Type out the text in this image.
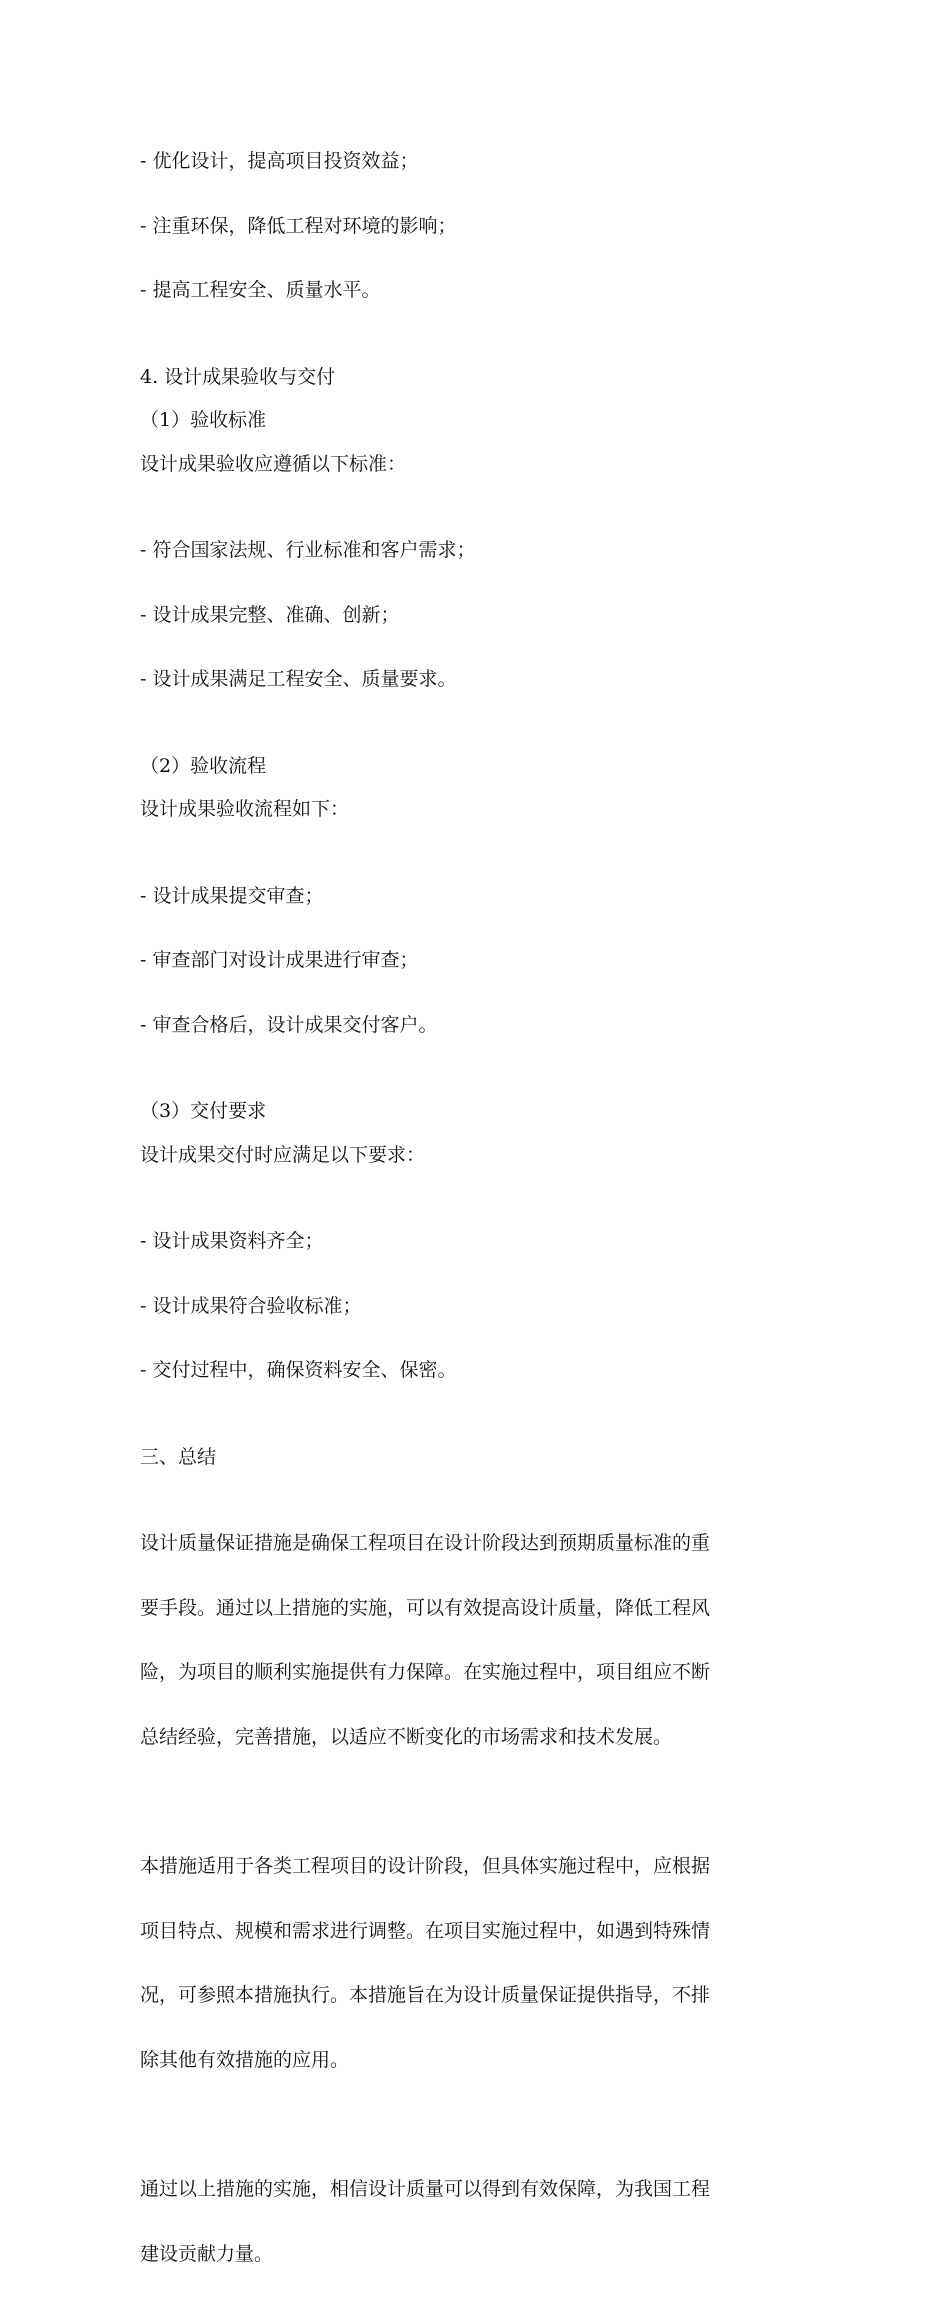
- 优化设计，提高项目投资效益；

- 注重环保，降低工程对环境的影响；

- 提高工程安全、质量水平。

4. 设计成果验收与交付
（1）验收标准
设计成果验收应遵循以下标准：

- 符合国家法规、行业标准和客户需求；

- 设计成果完整、准确、创新；

- 设计成果满足工程安全、质量要求。

（2）验收流程
设计成果验收流程如下：

- 设计成果提交审查；

- 审查部门对设计成果进行审查；

- 审查合格后，设计成果交付客户。

（3）交付要求
设计成果交付时应满足以下要求：

- 设计成果资料齐全；

- 设计成果符合验收标准；

- 交付过程中，确保资料安全、保密。

三、总结

设计质量保证措施是确保工程项目在设计阶段达到预期质量标准的重

要手段。通过以上措施的实施，可以有效提高设计质量，降低工程风

险，为项目的顺利实施提供有力保障。在实施过程中，项目组应不断

总结经验，完善措施，以适应不断变化的市场需求和技术发展。

本措施适用于各类工程项目的设计阶段，但具体实施过程中，应根据

项目特点、规模和需求进行调整。在项目实施过程中，如遇到特殊情

况，可参照本措施执行。本措施旨在为设计质量保证提供指导，不排

除其他有效措施的应用。

通过以上措施的实施，相信设计质量可以得到有效保障，为我国工程

建设贡献力量。
